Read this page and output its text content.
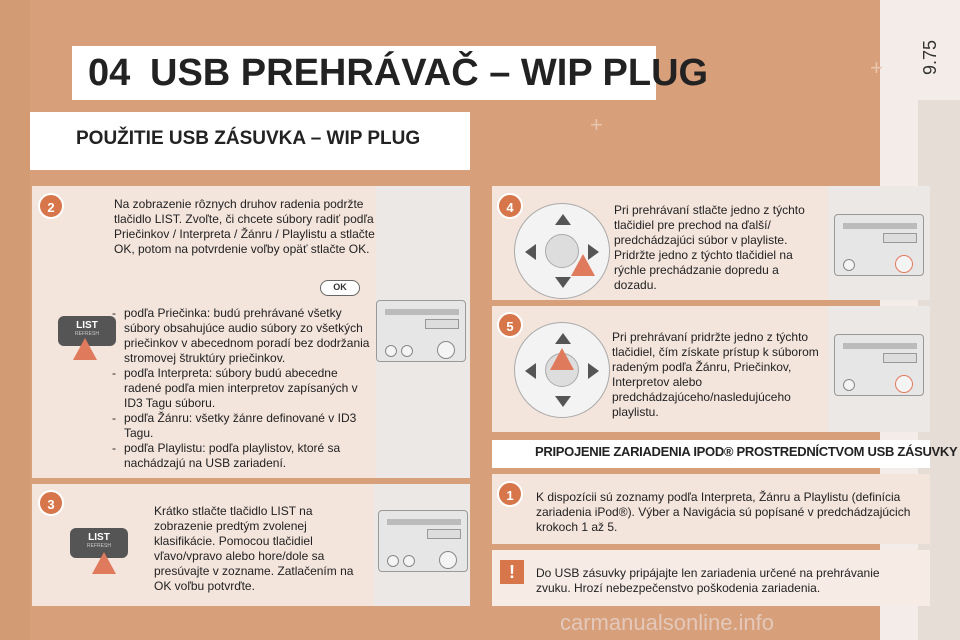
9.75
+
+
04 USB PREHRÁVAČ – WIP PLUG
POUŽITIE USB ZÁSUVKA – WIP PLUG
2	Na zobrazenie rôznych druhov radenia podržte tlačidlo LIST. Zvoľte, či chcete súbory radiť podľa Priečinkov / Interpreta / Žánru / Playlistu a stlačte OK, potom na potvrdenie voľby opäť stlačte OK.
OK
LIST
REFRESH
- podľa Priečinka: budú prehrávané všetky súbory obsahujúce audio súbory zo všetkých priečinkov v abecednom poradí bez dodržania stromovej štruktúry priečinkov.
- podľa Interpreta: súbory budú abecedne radené podľa mien interpretov zapísaných v ID3 Tagu súboru.
- podľa Žánru: všetky žánre definované v ID3 Tagu.
- podľa Playlistu: podľa playlistov, ktoré sa nachádzajú na USB zariadení.
3	Krátko stlačte tlačidlo LIST na zobrazenie predtým zvolenej klasifikácie. Pomocou tlačidiel vľavo/vpravo alebo hore/dole sa presúvajte v zozname. Zatlačením na OK voľbu potvrďte.
LIST
REFRESH
4	Pri prehrávaní stlačte jedno z týchto tlačidiel pre prechod na ďalší/ predchádzajúci súbor v playliste. Pridržte jedno z týchto tlačidiel na rýchle prechádzanie dopredu a dozadu.
5
Pri prehrávaní pridržte jedno z týchto tlačidiel, čím získate prístup k súborom radeným podľa Žánru, Priečinkov, Interpretov alebo predchádzajúceho/nasledujúceho playlistu.
PRIPOJENIE ZARIADENIA IPOD® PROSTREDNÍCTVOM USB ZÁSUVKY
1	K dispozícii sú zoznamy podľa Interpreta, Žánru a Playlistu (definícia zariadenia iPod®). Výber a Navigácia sú popísané v predchádzajúcich krokoch 1 až 5.
!	Do USB zásuvky pripájajte len zariadenia určené na prehrávanie zvuku. Hrozí nebezpečenstvo poškodenia zariadenia.
carmanualsonline.info
